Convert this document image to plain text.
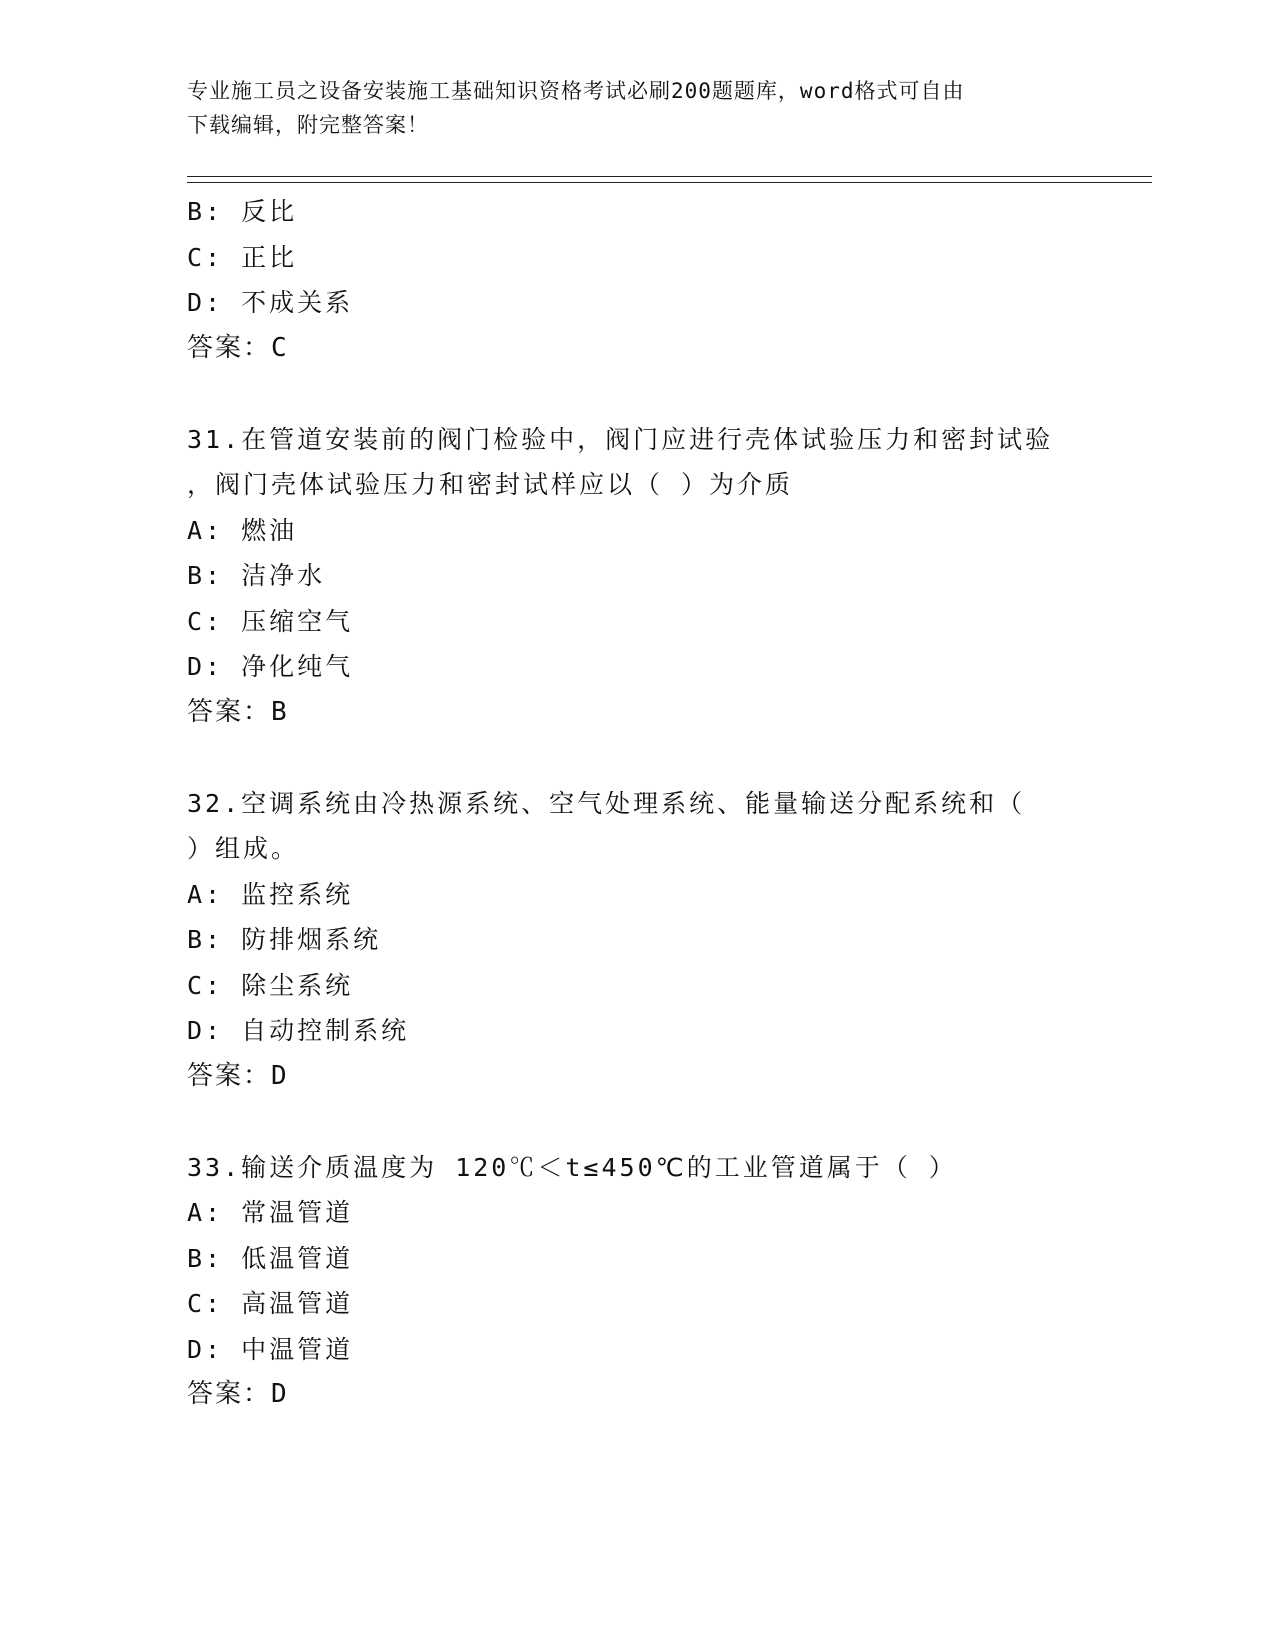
专业施工员之设备安装施工基础知识资格考试必刷200题题库，word格式可自由
下载编辑，附完整答案！
B: 反比
C: 正比
D: 不成关系
答案：C
31.在管道安装前的阀门检验中，阀门应进行壳体试验压力和密封试验
，阀门壳体试验压力和密封试样应以（ ）为介质
A: 燃油
B: 洁净水
C: 压缩空气
D: 净化纯气
答案：B
32.空调系统由冷热源系统、空气处理系统、能量输送分配系统和（
）组成。
A: 监控系统
B: 防排烟系统
C: 除尘系统
D: 自动控制系统
答案：D
33.输送介质温度为 120℃＜t≤450℃的工业管道属于（ ）
A: 常温管道
B: 低温管道
C: 高温管道
D: 中温管道
答案：D
